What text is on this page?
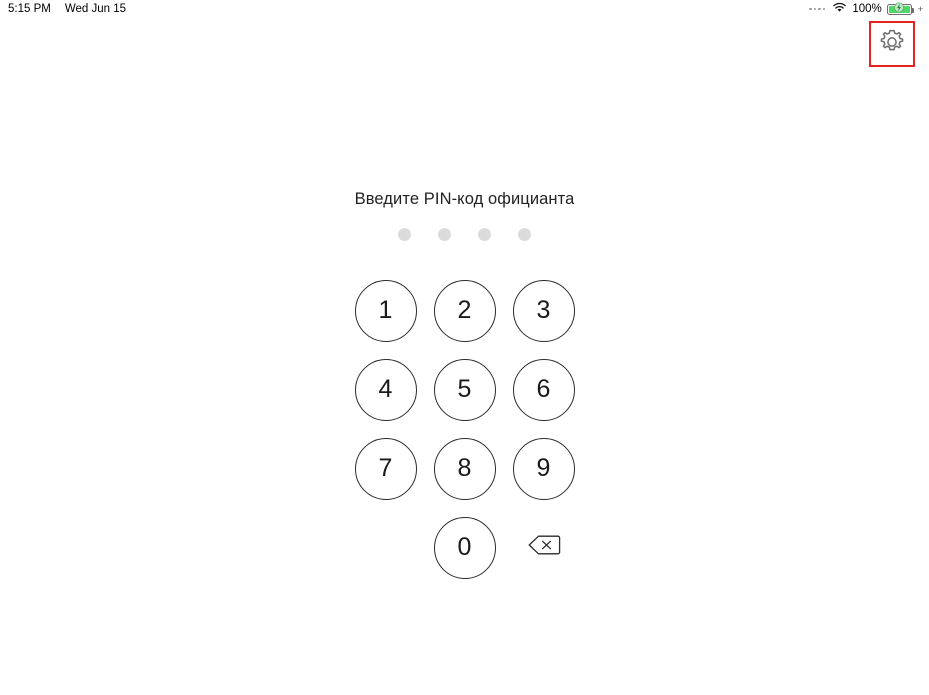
5:15 PM Wed Jun 15	100%	+
Введите PIN-код официанта
1	2	3
4	5	6
7	8	9
0
